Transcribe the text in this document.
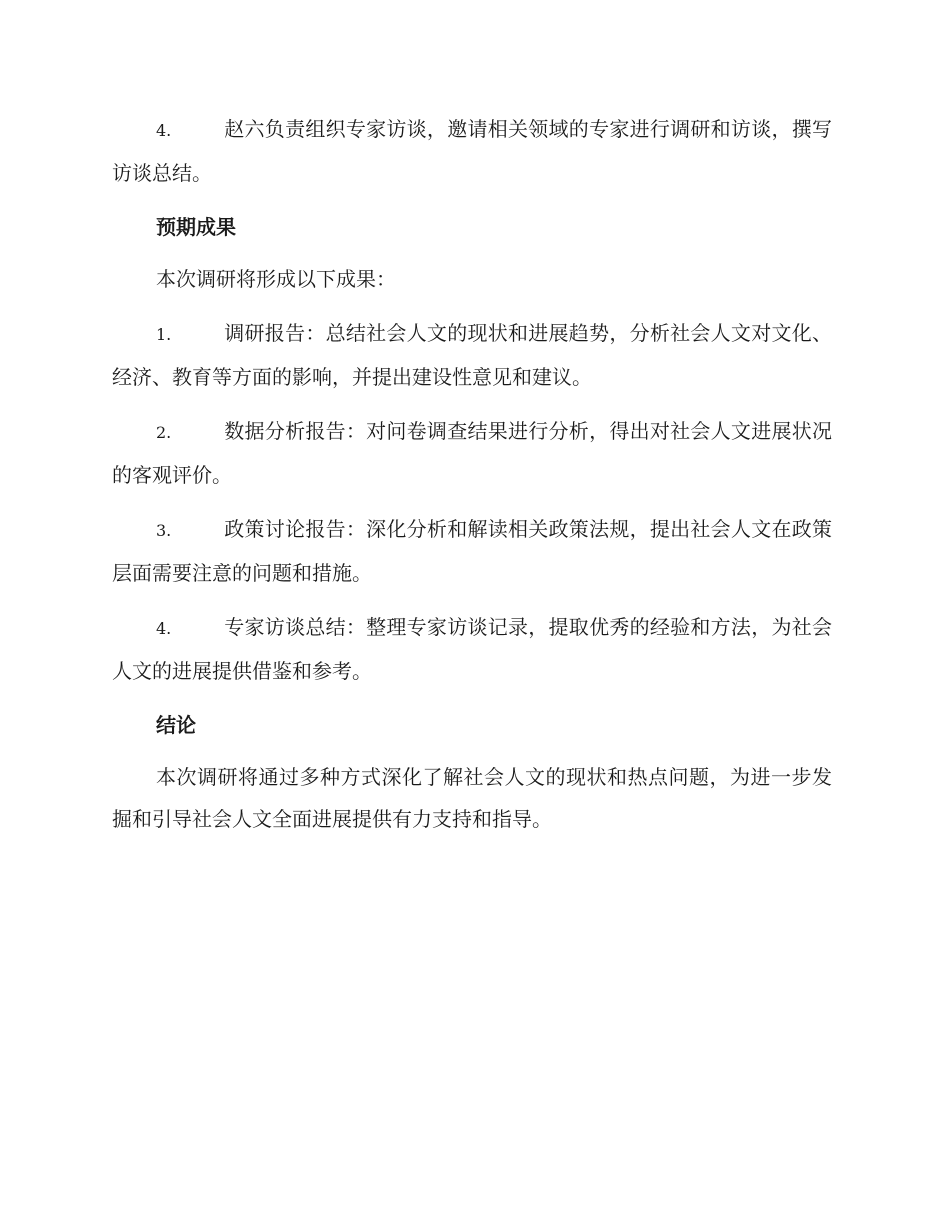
4.	赵六负责组织专家访谈，邀请相关领域的专家进行调研和访谈，撰写访谈总结。

预期成果

本次调研将形成以下成果：

1.	调研报告：总结社会人文的现状和进展趋势，分析社会人文对文化、经济、教育等方面的影响，并提出建设性意见和建议。

2.	数据分析报告：对问卷调查结果进行分析，得出对社会人文进展状况的客观评价。

3.	政策讨论报告：深化分析和解读相关政策法规，提出社会人文在政策层面需要注意的问题和措施。

4.	专家访谈总结：整理专家访谈记录，提取优秀的经验和方法，为社会人文的进展提供借鉴和参考。

结论

本次调研将通过多种方式深化了解社会人文的现状和热点问题，为进一步发掘和引导社会人文全面进展提供有力支持和指导。
